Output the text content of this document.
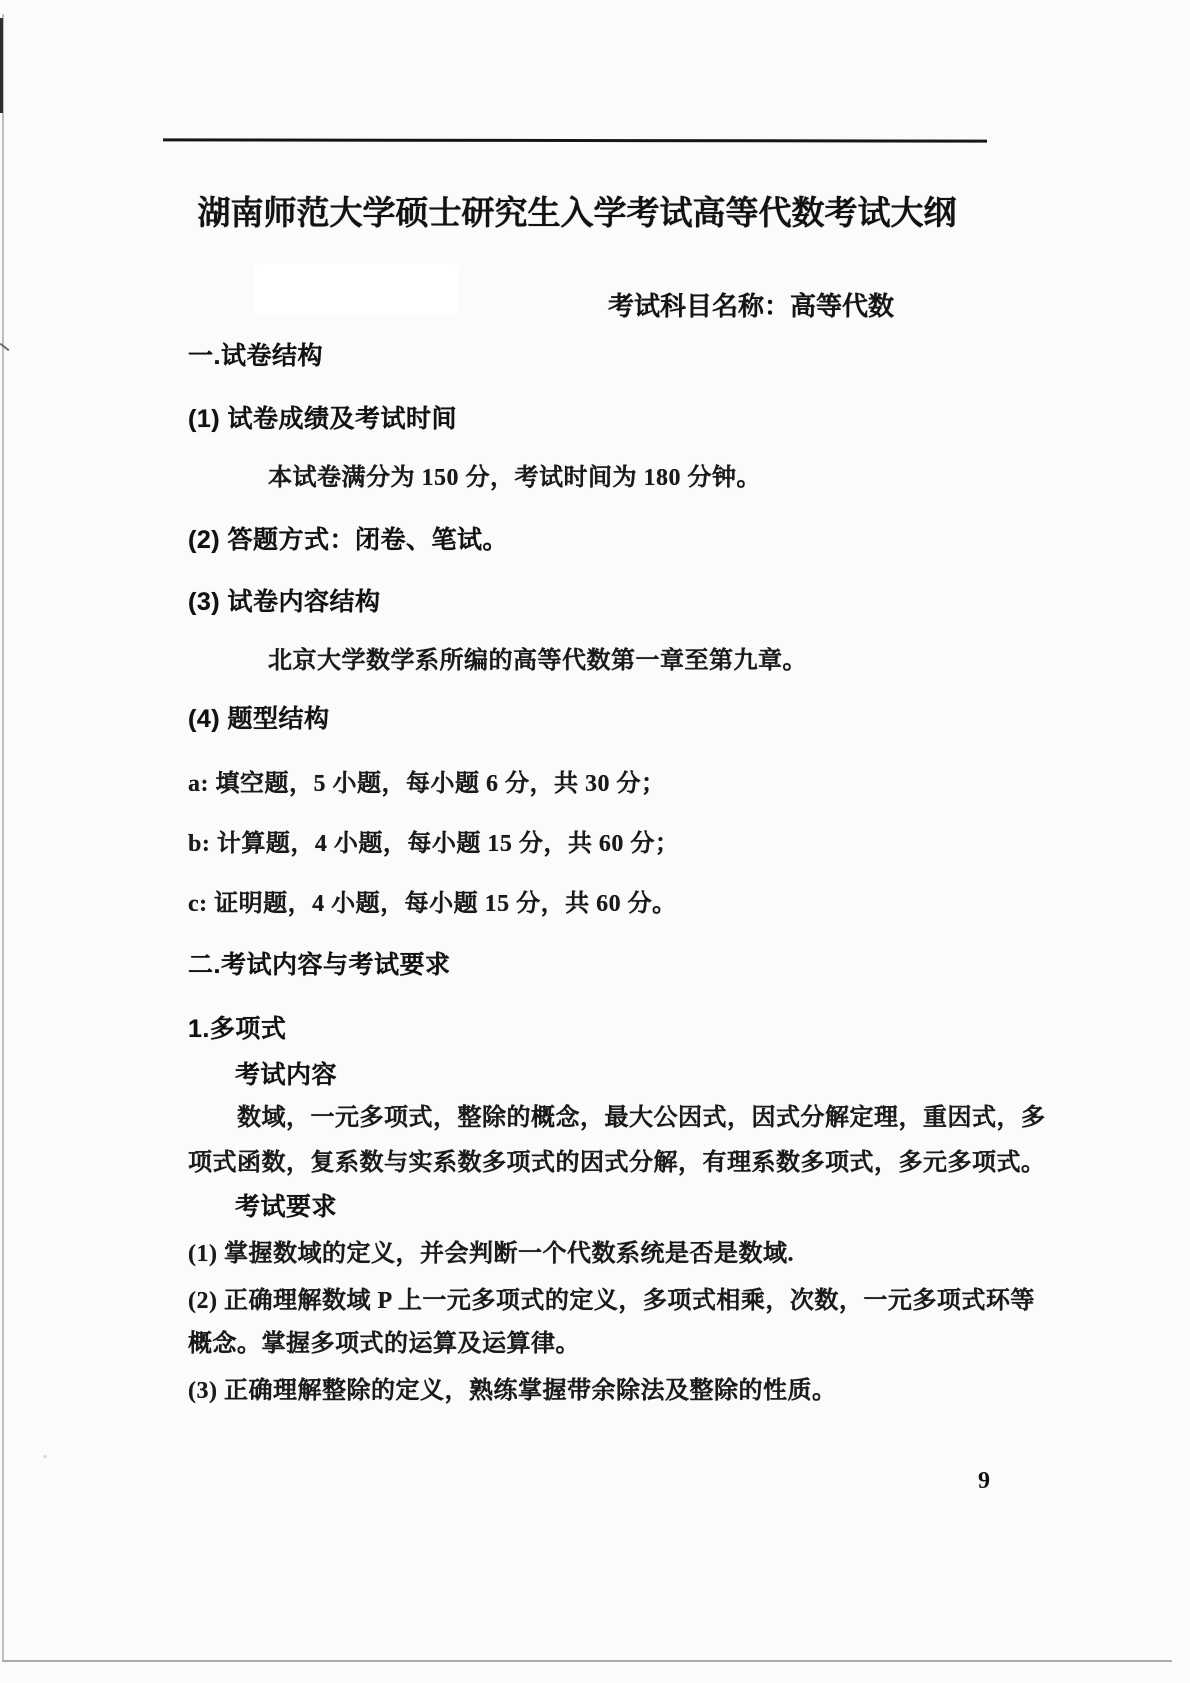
湖南师范大学硕士研究生入学考试高等代数考试大纲
考试科目名称：高等代数
一.试卷结构
(1) 试卷成绩及考试时间
本试卷满分为 150 分，考试时间为 180 分钟。
(2) 答题方式：闭卷、笔试。
(3) 试卷内容结构
北京大学数学系所编的高等代数第一章至第九章。
(4) 题型结构
a: 填空题，5 小题，每小题 6 分，共 30 分；
b: 计算题，4 小题，每小题 15 分，共 60 分；
c: 证明题，4 小题，每小题 15 分，共 60 分。
二.考试内容与考试要求
1.多项式
考试内容
数域，一元多项式，整除的概念，最大公因式，因式分解定理，重因式，多
项式函数，复系数与实系数多项式的因式分解，有理系数多项式，多元多项式。
考试要求
(1) 掌握数域的定义，并会判断一个代数系统是否是数域.
(2) 正确理解数域 P 上一元多项式的定义，多项式相乘，次数，一元多项式环等
概念。掌握多项式的运算及运算律。
(3) 正确理解整除的定义，熟练掌握带余除法及整除的性质。
9
